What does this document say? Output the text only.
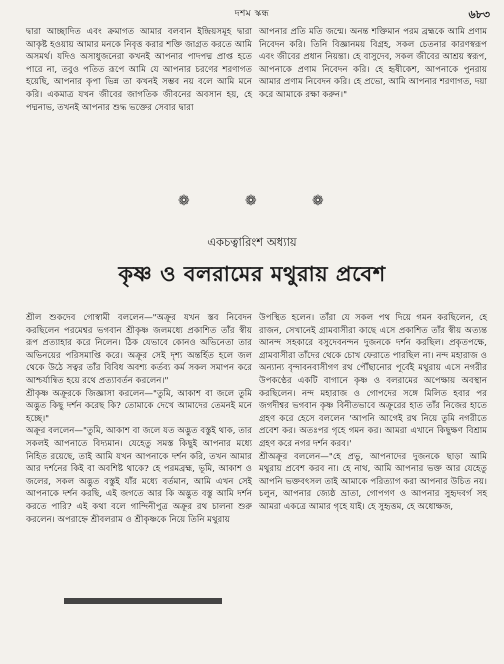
দশম স্কন্ধ	৬৮৩

দ্বারা আচ্ছাদিত এবং ক্রমাগত আমার বলবান ইন্দ্রিয়সমূহ দ্বারা আকৃষ্ট হওয়ায় আমার মনকে নিবৃত্ত করার শক্তি জাগ্রত করতে আমি অসমর্থ। যদিও অসাধুজনেরা কখনই আপনার পাদপদ্ম প্রাপ্ত হতে পারে না, তবুও পতিত রূপে আমি যে আপনার চরণের শরণাগত হয়েছি, আপনার কৃপা ভিন্ন তা কখনই সম্ভব নয় বলে আমি মনে করি। একমাত্র যখন জীবের জাগতিক জীবনের অবসান হয়, হে পদ্মনাভ, তখনই আপনার শুদ্ধ ভক্তের সেবার দ্বারা

আপনার প্রতি মতি জন্মে। অনন্ত শক্তিমান পরম ব্রহ্মকে আমি প্রণাম নিবেদন করি। তিনি বিজ্ঞানময় বিগ্রহ, সকল চেতনার কারণস্বরূপ এবং জীবের প্রধান নিয়ন্তা। হে বাসুদেব, সকল জীবের আশ্রয় স্বরূপ, আপনাকে প্রণাম নিবেদন করি। হে হৃষীকেশ, আপনাকে পুনরায় আমার প্রণাম নিবেদন করি। হে প্রভো, আমি আপনার শরণাগত, দয়া করে আমাকে রক্ষা করুন।"

❁	❁	❁
একচত্বারিংশ অধ্যায়
কৃষ্ণ ও বলরামের মথুরায় প্রবেশ

শ্রীল শুকদেব গোস্বামী বললেন—"অক্রূর যখন স্তব নিবেদন করছিলেন পরমেশ্বর ভগবান শ্রীকৃষ্ণ জলমধ্যে প্রকাশিত তাঁর স্বীয় রূপ প্রত্যাহার করে নিলেন। ঠিক যেভাবে কোনও অভিনেতা তার অভিনয়ের পরিসমাপ্তি করে। অক্রূর সেই দৃশ্য অন্তর্হিত হলে জল থেকে উঠে সত্বর তাঁর বিবিধ অবশ্য কর্তব্য কর্ম সকল সমাপন করে আশ্চর্যান্বিত হয়ে রথে প্রত্যাবর্তন করলেন।"
শ্রীকৃষ্ণ অক্রূরকে জিজ্ঞাসা করলেন—"তুমি, আকাশ বা জলে তুমি অদ্ভুত কিছু দর্শন করেছ কি? তোমাকে দেখে আমাদের তেমনই মনে হচ্ছে।"
অক্রূর বললেন—"তুমি, আকাশ বা জলে যত অদ্ভুত বস্তুই থাক, তার সকলই আপনাতে বিদ্যমান। যেহেতু সমস্ত কিছুই আপনার মধ্যে নিহিত রয়েছে, তাই আমি যখন আপনাকে দর্শন করি, তখন আমার আর দর্শনের কিই বা অবশিষ্ট থাকে? হে পরমব্রহ্ম, ভূমি, আকাশ ও জলের, সকল অদ্ভুত বস্তুই যাঁর মধ্যে বর্তমান, আমি এখন সেই আপনাকে দর্শন করছি, এই জগতে আর কি অদ্ভুত বস্তু আমি দর্শন করতে পারি? এই কথা বলে গান্দিনীপুত্র অক্রূর রথ চালনা শুরু করলেন। অপরাহ্নে শ্রীবলরাম ও শ্রীকৃষ্ণকে নিয়ে তিনি মথুরায়

উপস্থিত হলেন। তাঁরা যে সকল পথ দিয়ে গমন করছিলেন, হে রাজন, সেখানেই গ্রামবাসীরা কাছে এসে প্রকাশিত তাঁর স্বীয় অত্যন্ত আনন্দ সহকারে বসুদেবনন্দন দুজনকে দর্শন করছিল। প্রকৃতপক্ষে, গ্রামবাসীরা তাঁদের থেকে চোখ ফেরাতে পারছিল না। নন্দ মহারাজ ও অন্যান্য বৃন্দাবনবাসীগণ রথ পৌঁছানোর পূর্বেই মথুরায় এসে নগরীর উপকণ্ঠের একটি বাগানে কৃষ্ণ ও বলরামের অপেক্ষায় অবস্থান করছিলেন। নন্দ মহারাজ ও গোপদের সঙ্গে মিলিত হবার পর জগদীশ্বর ভগবান কৃষ্ণ বিনীতভাবে অক্রূরের হাত তাঁর নিজের হাতে গ্রহণ করে হেসে বললেন 'আপনি আগেই রথ নিয়ে তুমি নগরীতে প্রবেশ কর। অতঃপর গৃহে গমন কর। আমরা এখানে কিছুক্ষণ বিশ্রাম গ্রহণ করে নগর দর্শন করব।'
শ্রীঅক্রূর বললেন—"হে প্রভু, আপনাদের দুজনকে ছাড়া আমি মথুরায় প্রবেশ করব না। হে নাথ, আমি আপনার ভক্ত আর যেহেতু আপনি ভক্তবৎসল তাই আমাকে পরিত্যাগ করা আপনার উচিত নয়। চলুন, আপনার জ্যেষ্ঠ ভ্রাতা, গোপগণ ও আপনার সুহৃদবর্গ সহ আমরা একত্রে আমার গৃহে যাই। হে সুহৃত্তম, হে অধোক্ষজ,
